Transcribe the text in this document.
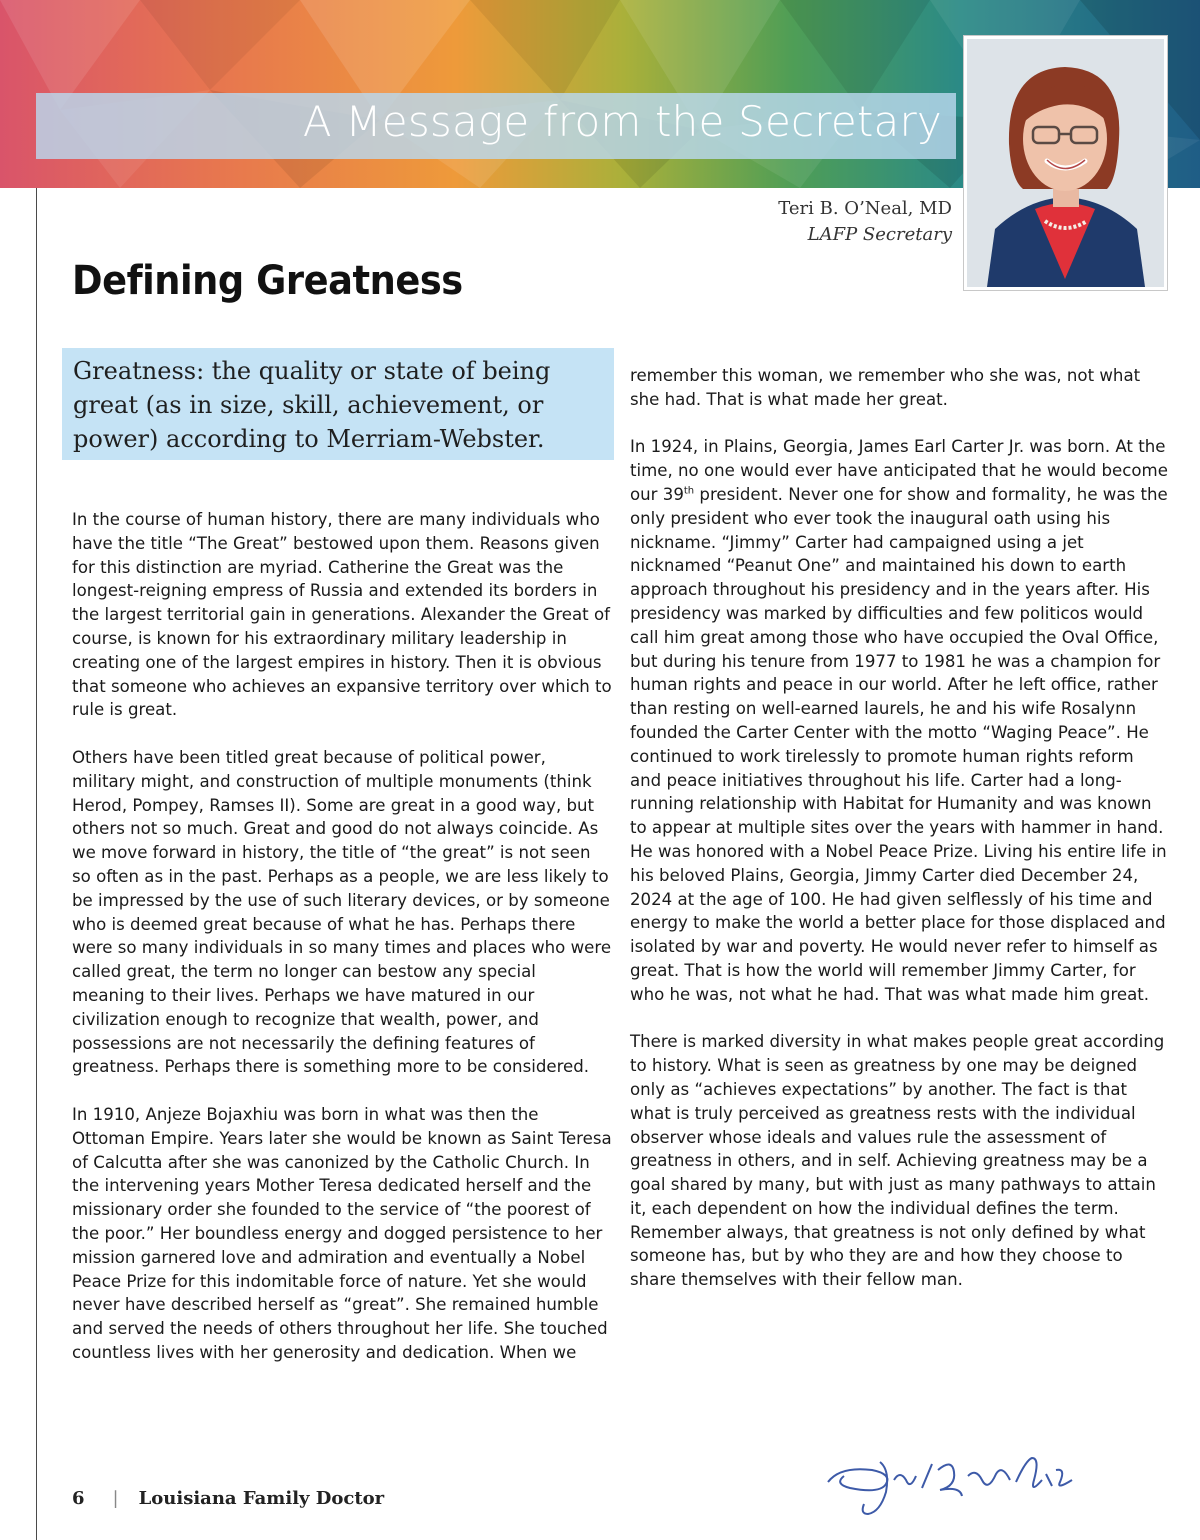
A Message from the Secretary
Teri B. O’Neal, MD
LAFP Secretary
Defining Greatness
Greatness: the quality or state of being great (as in size, skill, achievement, or power) according to Merriam-Webster.

In the course of human history, there are many individuals who have the title “The Great” bestowed upon them. Reasons given for this distinction are myriad. Catherine the Great was the longest-reigning empress of Russia and extended its borders in the largest territorial gain in generations. Alexander the Great of course, is known for his extraordinary military leadership in creating one of the largest empires in history. Then it is obvious that someone who achieves an expansive territory over which to rule is great.

Others have been titled great because of political power, military might, and construction of multiple monuments (think Herod, Pompey, Ramses II). Some are great in a good way, but others not so much. Great and good do not always coincide. As we move forward in history, the title of “the great” is not seen so often as in the past. Perhaps as a people, we are less likely to be impressed by the use of such literary devices, or by someone who is deemed great because of what he has. Perhaps there were so many individuals in so many times and places who were called great, the term no longer can bestow any special meaning to their lives. Perhaps we have matured in our civilization enough to recognize that wealth, power, and possessions are not necessarily the defining features of greatness. Perhaps there is something more to be considered.

In 1910, Anjeze Bojaxhiu was born in what was then the Ottoman Empire. Years later she would be known as Saint Teresa of Calcutta after she was canonized by the Catholic Church. In the intervening years Mother Teresa dedicated herself and the missionary order she founded to the service of “the poorest of the poor.” Her boundless energy and dogged persistence to her mission garnered love and admiration and eventually a Nobel Peace Prize for this indomitable force of nature. Yet she would never have described herself as “great”. She remained humble and served the needs of others throughout her life. She touched countless lives with her generosity and dedication. When we

remember this woman, we remember who she was, not what she had. That is what made her great.

In 1924, in Plains, Georgia, James Earl Carter Jr. was born. At the time, no one would ever have anticipated that he would become our 39th president. Never one for show and formality, he was the only president who ever took the inaugural oath using his nickname. “Jimmy” Carter had campaigned using a jet nicknamed “Peanut One” and maintained his down to earth approach throughout his presidency and in the years after. His presidency was marked by difficulties and few politicos would call him great among those who have occupied the Oval Office, but during his tenure from 1977 to 1981 he was a champion for human rights and peace in our world. After he left office, rather than resting on well-earned laurels, he and his wife Rosalynn founded the Carter Center with the motto “Waging Peace”. He continued to work tirelessly to promote human rights reform and peace initiatives throughout his life. Carter had a long-running relationship with Habitat for Humanity and was known to appear at multiple sites over the years with hammer in hand. He was honored with a Nobel Peace Prize. Living his entire life in his beloved Plains, Georgia, Jimmy Carter died December 24, 2024 at the age of 100. He had given selflessly of his time and energy to make the world a better place for those displaced and isolated by war and poverty. He would never refer to himself as great. That is how the world will remember Jimmy Carter, for who he was, not what he had. That was what made him great.

There is marked diversity in what makes people great according to history. What is seen as greatness by one may be deigned only as “achieves expectations” by another. The fact is that what is truly perceived as greatness rests with the individual observer whose ideals and values rule the assessment of greatness in others, and in self. Achieving greatness may be a goal shared by many, but with just as many pathways to attain it, each dependent on how the individual defines the term. Remember always, that greatness is not only defined by what someone has, but by who they are and how they choose to share themselves with their fellow man.

6 | Louisiana Family Doctor
